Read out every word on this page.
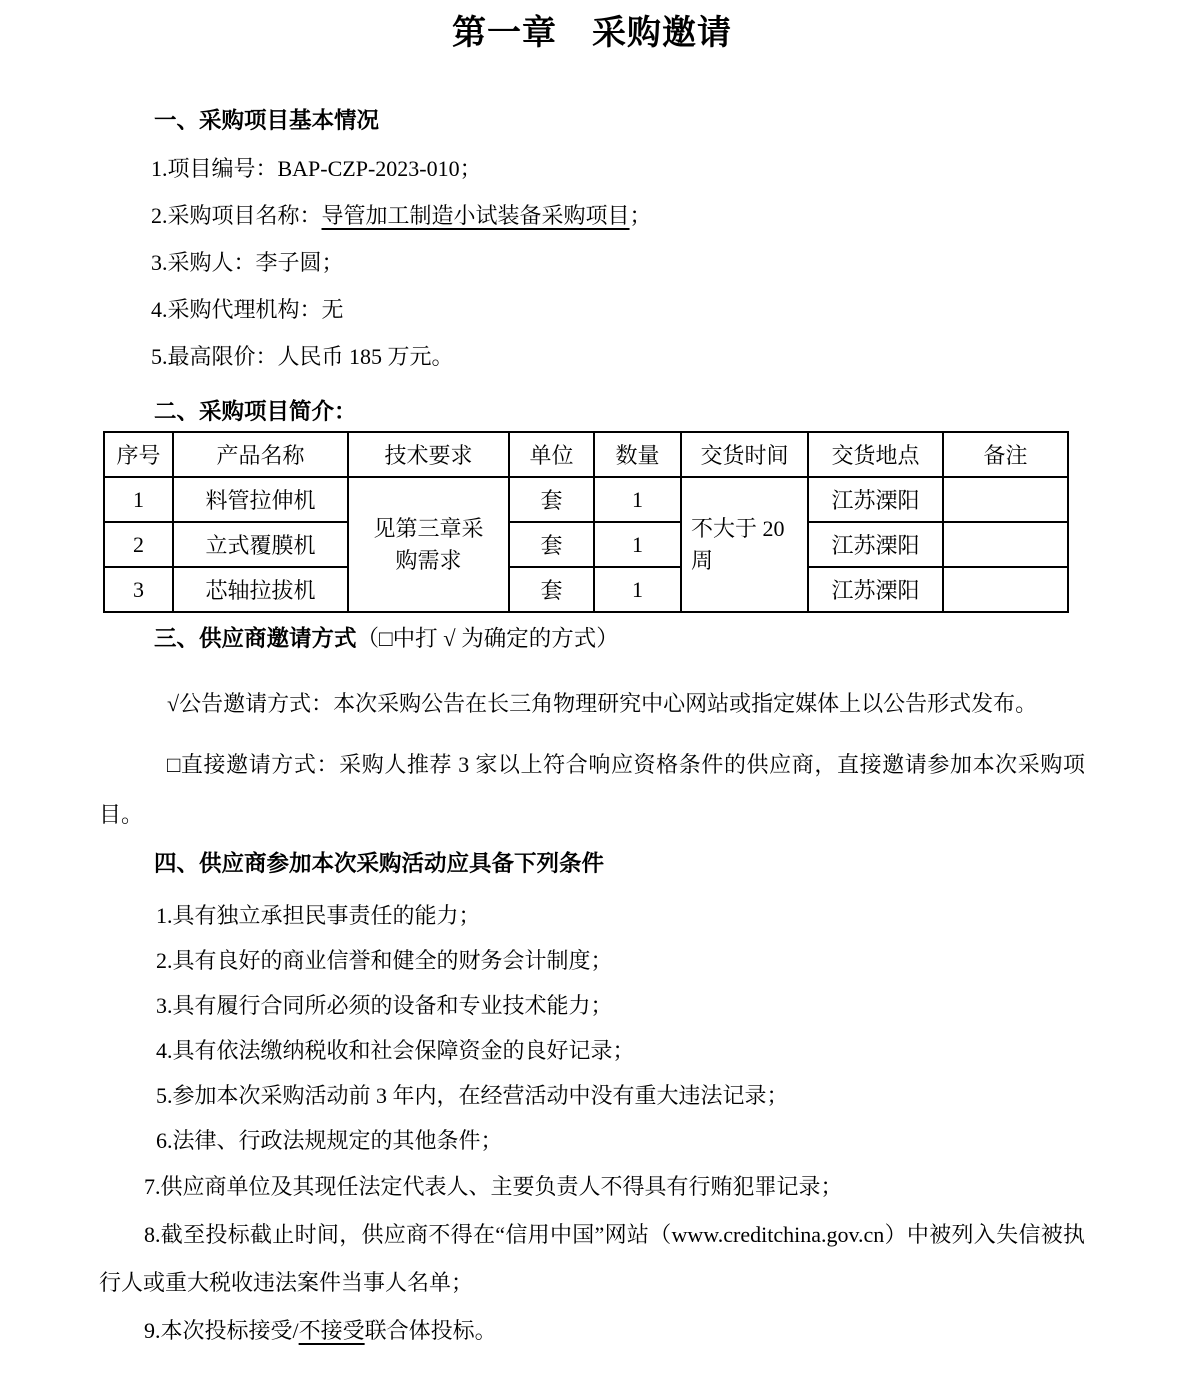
第一章　采购邀请

一、采购项目基本情况

1.项目编号：BAP-CZP-2023-010；

2.采购项目名称：导管加工制造小试装备采购项目；

3.采购人：李子圆；

4.采购代理机构：无

5.最高限价：人民币 185 万元。

二、采购项目简介：

序号	产品名称	技术要求	单位	数量	交货时间	交货地点	备注
1	料管拉伸机	见第三章采购需求	套	1	不大于 20 周	江苏溧阳	
2	立式覆膜机		套	1		江苏溧阳	
3	芯轴拉拔机		套	1		江苏溧阳	

三、供应商邀请方式（□中打 √ 为确定的方式）

√公告邀请方式：本次采购公告在长三角物理研究中心网站或指定媒体上以公告形式发布。

□直接邀请方式：采购人推荐 3 家以上符合响应资格条件的供应商，直接邀请参加本次采购项目。

四、供应商参加本次采购活动应具备下列条件

1.具有独立承担民事责任的能力；

2.具有良好的商业信誉和健全的财务会计制度；

3.具有履行合同所必须的设备和专业技术能力；

4.具有依法缴纳税收和社会保障资金的良好记录；

5.参加本次采购活动前 3 年内，在经营活动中没有重大违法记录；

6.法律、行政法规规定的其他条件；

7.供应商单位及其现任法定代表人、主要负责人不得具有行贿犯罪记录；

8.截至投标截止时间，供应商不得在“信用中国”网站（www.creditchina.gov.cn）中被列入失信被执行人或重大税收违法案件当事人名单；

9.本次投标接受/不接受联合体投标。
